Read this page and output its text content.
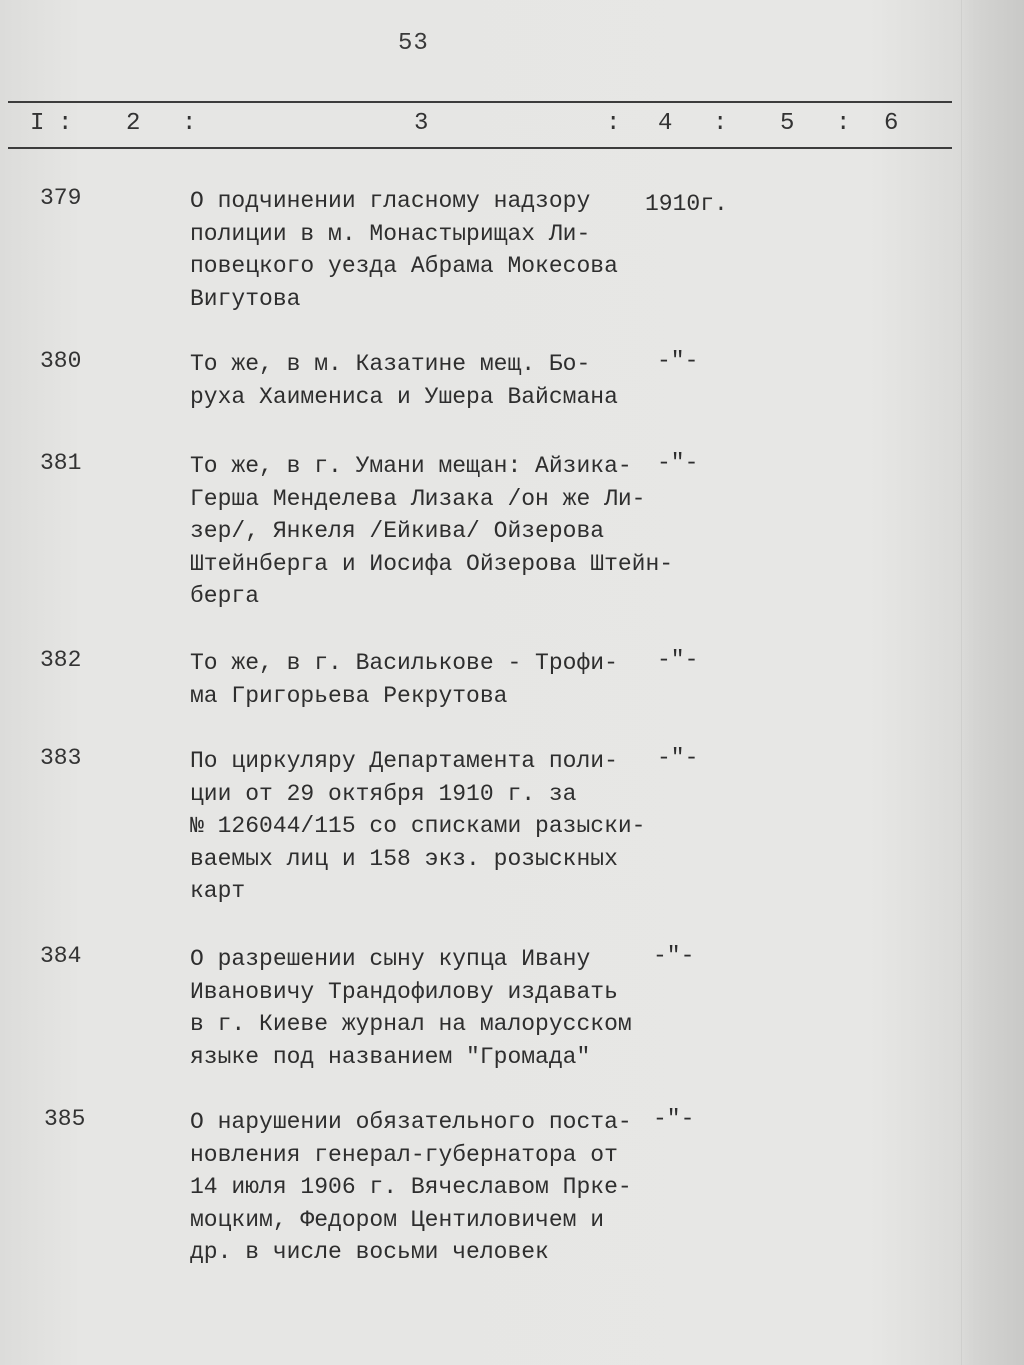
53
I : 2 :	3	: 4 : 5 : 6
379	О подчинении гласному надзору
полиции в м. Монастырищах Ли-
повецкого уезда Абрама Мокесова
Вигутова
1910г.
380	То же, в м. Казатине мещ. Бо-
руха Хаимениса и Ушера Вайсмана
-"-
381	То же, в г. Умани мещан: Айзика-
Герша Менделева Лизака /он же Ли-
зер/, Янкеля /Ейкива/ Ойзерова
Штейнберга и Иосифа Ойзерова Штейн-
берга
-"-
382	То же, в г. Василькове - Трофи-
ма Григорьева Рекрутова
-"-
383	По циркуляру Департамента поли-
ции от 29 октября 1910 г. за
№ 126044/115 со списками разыски-
ваемых лиц и 158 экз. розыскных
карт
-"-
384	О разрешении сыну купца Ивану
Ивановичу Трандофилову издавать
в г. Киеве журнал на малорусском
языке под названием "Громада"
-"-
385	О нарушении обязательного поста-
новления генерал-губернатора от
14 июля 1906 г. Вячеславом Пркe-
моцким, Федором Центиловичем и
др. в числе восьми человек
-"-
